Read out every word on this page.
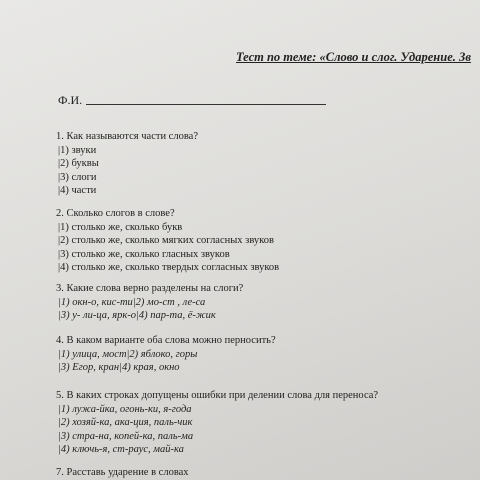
Тест по теме: «Слово и слог. Ударение. Зв
Ф.И.
1. Как называются части слова?
|1) звуки
|2) буквы
|3) слоги
|4) части
2. Сколько слогов в слове?
|1) столько же, сколько букв
|2) столько же, сколько мягких согласных звуков
|3) столько же, сколько гласных звуков
|4) столько же, сколько твердых согласных звуков
3. Какие слова верно разделены на слоги?
|1) окн-о, кис-ти|2) мо-ст , ле-са
|3) у- ли-ца, ярк-о|4) пар-та, ё-жик
4. В каком варианте оба слова можно перносить?
|1) улица, мост|2) яблоко, горы
|3) Егор, кран|4) края, окно
5. В каких строках допущены ошибки при делении слова для переноса?
|1) лужа-йка, огонь-ки, я-года
|2) хозяй-ка, ака-ция, паль-чик
|3) стра-на, копей-ка, паль-ма
|4) ключь-я, ст-раус, май-ка
7. Расставь ударение в словах
